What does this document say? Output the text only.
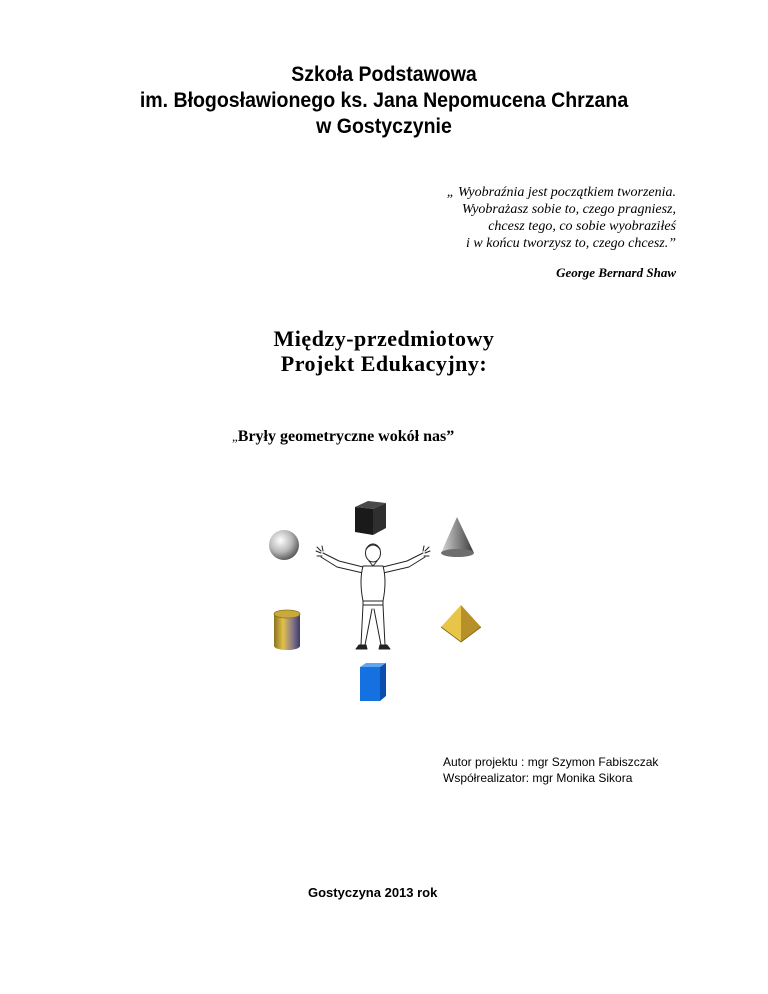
Szkoła Podstawowa
im. Błogosławionego ks. Jana Nepomucena Chrzana
w Gostyczynie
„ Wyobraźnia jest początkiem tworzenia.
Wyobrażasz sobie to, czego pragniesz,
chcesz tego, co sobie wyobraziłeś
i w końcu tworzysz to, czego chcesz.”
George Bernard Shaw
Między-przedmiotowy
Projekt Edukacyjny:
„Bryły geometryczne wokół nas”
Autor projektu : mgr Szymon Fabiszczak
Współrealizator: mgr Monika Sikora
Gostyczyna 2013 rok
